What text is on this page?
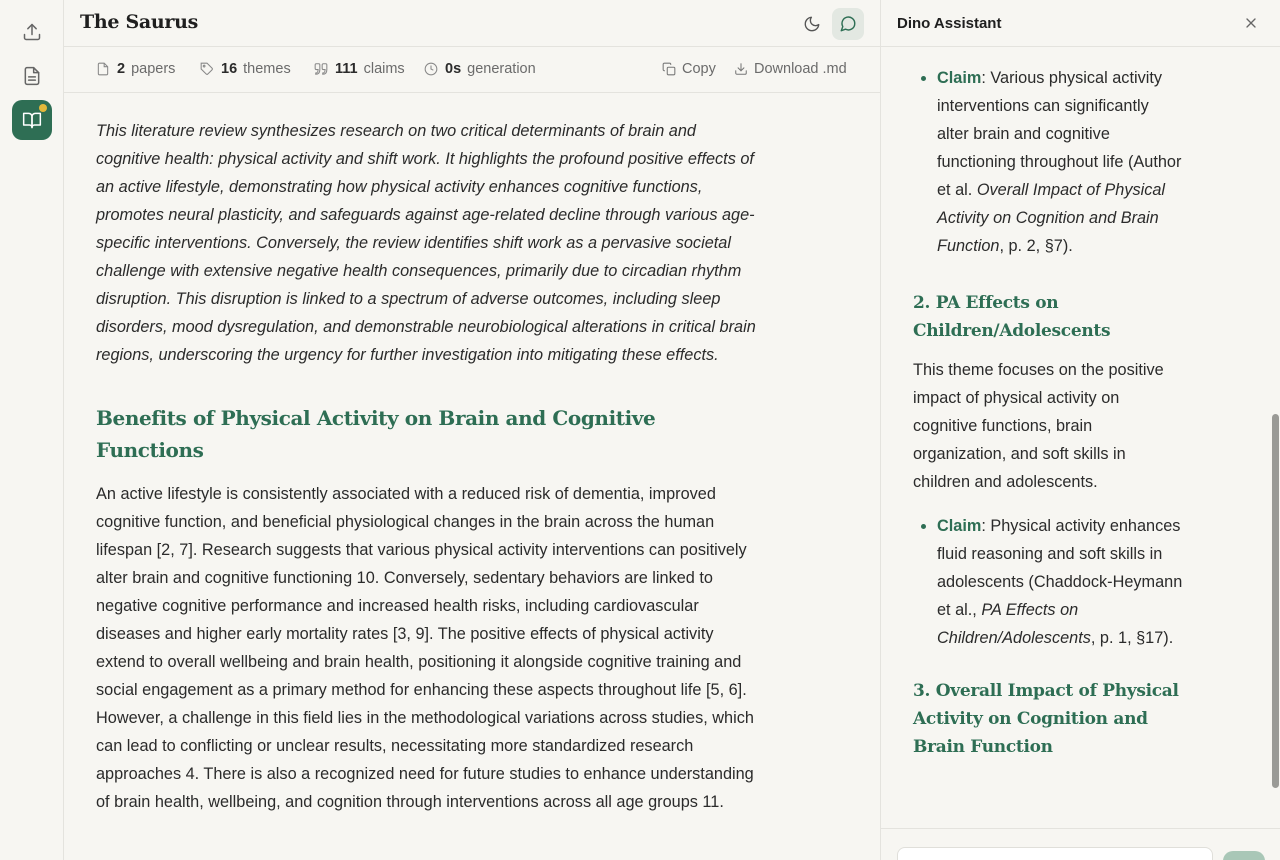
The Saurus
2 papers	16 themes	111 claims	0s generation	Copy	Download .md

This literature review synthesizes research on two critical determinants of brain and cognitive health: physical activity and shift work. It highlights the profound positive effects of an active lifestyle, demonstrating how physical activity enhances cognitive functions, promotes neural plasticity, and safeguards against age-related decline through various age-specific interventions. Conversely, the review identifies shift work as a pervasive societal challenge with extensive negative health consequences, primarily due to circadian rhythm disruption. This disruption is linked to a spectrum of adverse outcomes, including sleep disorders, mood dysregulation, and demonstrable neurobiological alterations in critical brain regions, underscoring the urgency for further investigation into mitigating these effects.

Benefits of Physical Activity on Brain and Cognitive Functions

An active lifestyle is consistently associated with a reduced risk of dementia, improved cognitive function, and beneficial physiological changes in the brain across the human lifespan [2, 7]. Research suggests that various physical activity interventions can positively alter brain and cognitive functioning 10. Conversely, sedentary behaviors are linked to negative cognitive performance and increased health risks, including cardiovascular diseases and higher early mortality rates [3, 9]. The positive effects of physical activity extend to overall wellbeing and brain health, positioning it alongside cognitive training and social engagement as a primary method for enhancing these aspects throughout life [5, 6]. However, a challenge in this field lies in the methodological variations across studies, which can lead to conflicting or unclear results, necessitating more standardized research approaches 4. There is also a recognized need for future studies to enhance understanding of brain health, wellbeing, and cognition through interventions across all age groups 11.

Dino Assistant
Claim: Various physical activity interventions can significantly alter brain and cognitive functioning throughout life (Author et al. Overall Impact of Physical Activity on Cognition and Brain Function, p. 2, §7).
2. PA Effects on Children/Adolescents

This theme focuses on the positive impact of physical activity on cognitive functions, brain organization, and soft skills in children and adolescents.

Claim: Physical activity enhances fluid reasoning and soft skills in adolescents (Chaddock-Heymann et al., PA Effects on Children/Adolescents, p. 1, §17).
3. Overall Impact of Physical Activity on Cognition and Brain Function
